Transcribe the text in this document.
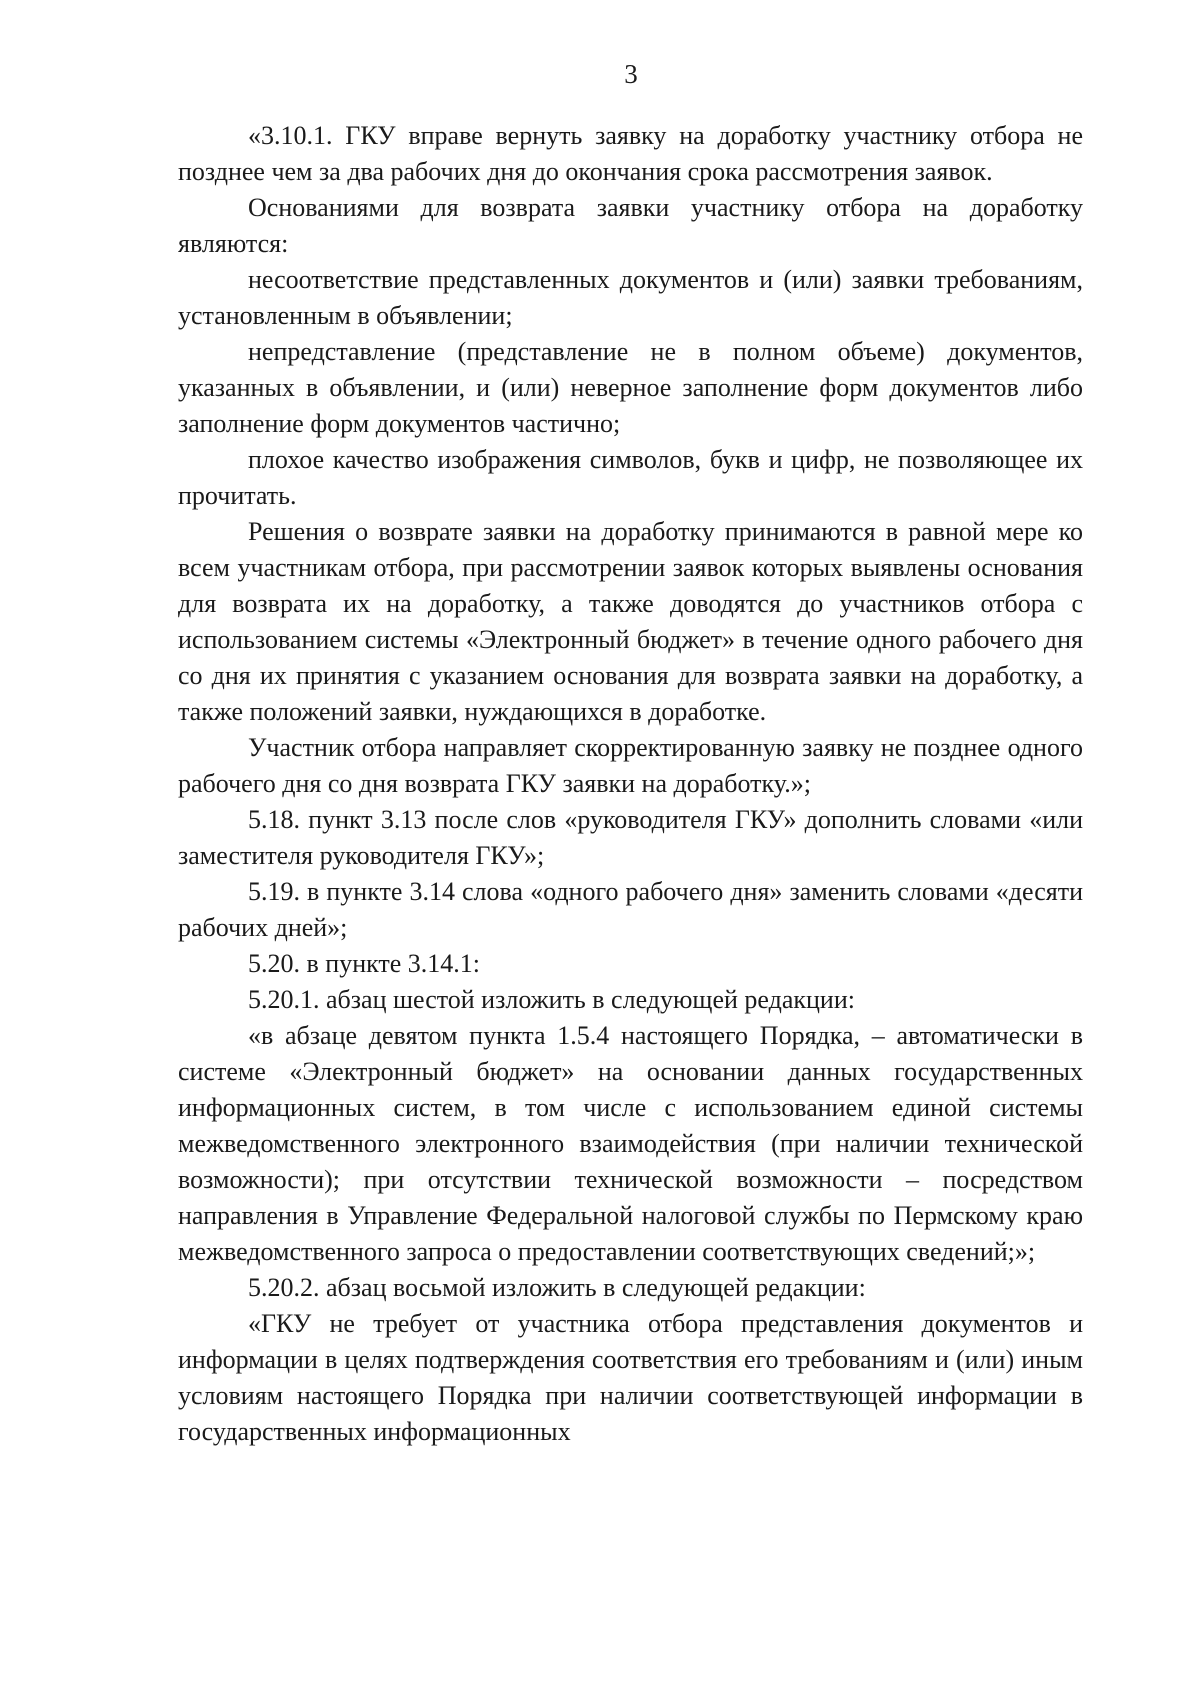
3

«3.10.1. ГКУ вправе вернуть заявку на доработку участнику отбора не позднее чем за два рабочих дня до окончания срока рассмотрения заявок.

Основаниями для возврата заявки участнику отбора на доработку являются:

несоответствие представленных документов и (или) заявки требованиям, установленным в объявлении;

непредставление (представление не в полном объеме) документов, указанных в объявлении, и (или) неверное заполнение форм документов либо заполнение форм документов частично;

плохое качество изображения символов, букв и цифр, не позволяющее их прочитать.

Решения о возврате заявки на доработку принимаются в равной мере ко всем участникам отбора, при рассмотрении заявок которых выявлены основания для возврата их на доработку, а также доводятся до участников отбора с использованием системы «Электронный бюджет» в течение одного рабочего дня со дня их принятия с указанием основания для возврата заявки на доработку, а также положений заявки, нуждающихся в доработке.

Участник отбора направляет скорректированную заявку не позднее одного рабочего дня со дня возврата ГКУ заявки на доработку.»;

5.18. пункт 3.13 после слов «руководителя ГКУ» дополнить словами «или заместителя руководителя ГКУ»;

5.19. в пункте 3.14 слова «одного рабочего дня» заменить словами «десяти рабочих дней»;

5.20. в пункте 3.14.1:

5.20.1. абзац шестой изложить в следующей редакции:

«в абзаце девятом пункта 1.5.4 настоящего Порядка, – автоматически в системе «Электронный бюджет» на основании данных государственных информационных систем, в том числе с использованием единой системы межведомственного электронного взаимодействия (при наличии технической возможности); при отсутствии технической возможности – посредством направления в Управление Федеральной налоговой службы по Пермскому краю межведомственного запроса о предоставлении соответствующих сведений;»;

5.20.2. абзац восьмой изложить в следующей редакции:

«ГКУ не требует от участника отбора представления документов и информации в целях подтверждения соответствия его требованиям и (или) иным условиям настоящего Порядка при наличии соответствующей информации в государственных информационных
